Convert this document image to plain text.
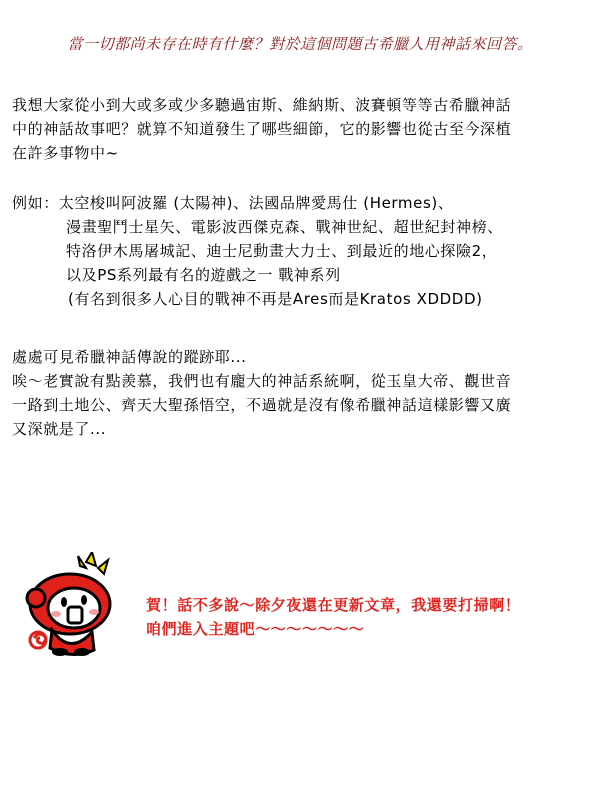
當一切都尚未存在時有什麼？對於這個問題古希臘人用神話來回答。
我想大家從小到大或多或少多聽過宙斯、維納斯、波賽頓等等古希臘神話
中的神話故事吧？就算不知道發生了哪些細節，它的影響也從古至今深植
在許多事物中~
例如：太空梭叫阿波羅 (太陽神)、法國品牌愛馬仕 (Hermes)、
漫畫聖鬥士星矢、電影波西傑克森、戰神世紀、超世紀封神榜、
特洛伊木馬屠城記、迪士尼動畫大力士、到最近的地心探險2，
以及PS系列最有名的遊戲之一 戰神系列
(有名到很多人心目的戰神不再是Ares而是Kratos XDDDD)
處處可見希臘神話傳說的蹤跡耶...
唉～老實說有點羨慕，我們也有龐大的神話系統啊，從玉皇大帝、觀世音
一路到土地公、齊天大聖孫悟空，不過就是沒有像希臘神話這樣影響又廣
又深就是了...
賀！話不多說～除夕夜還在更新文章，我還要打掃啊！
咱們進入主題吧～～～～～～～
